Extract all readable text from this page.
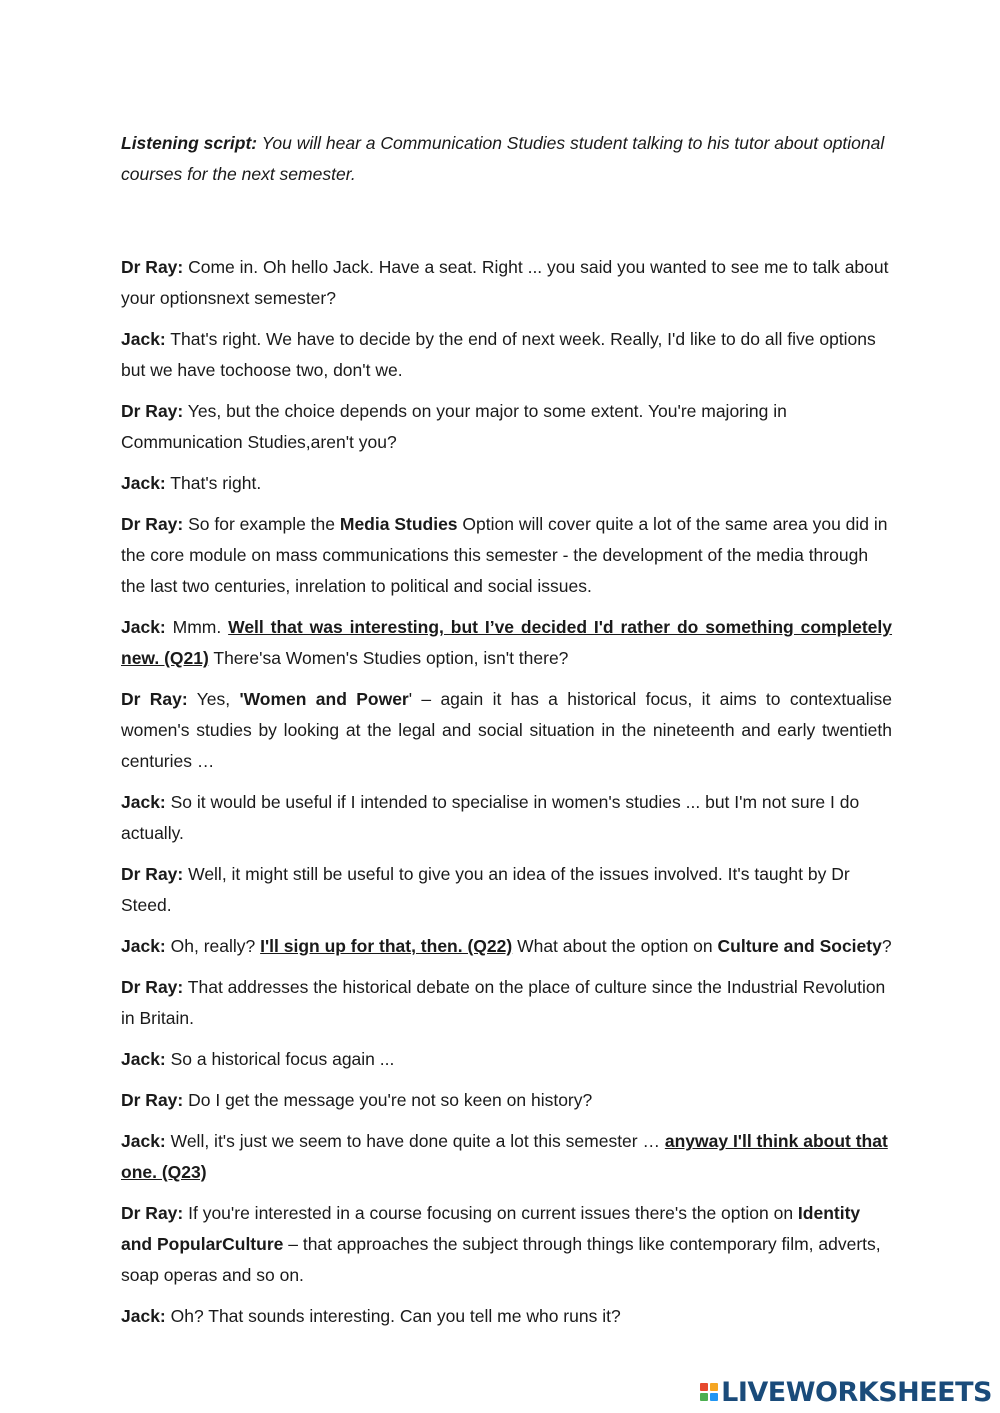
Listening script: You will hear a Communication Studies student talking to his tutor about optional courses for the next semester.

Dr Ray: Come in. Oh hello Jack. Have a seat. Right ... you said you wanted to see me to talk about your optionsnext semester?

Jack: That's right. We have to decide by the end of next week. Really, I'd like to do all five options but we have tochoose two, don't we.

Dr Ray: Yes, but the choice depends on your major to some extent. You're majoring in Communication Studies,aren't you?

Jack: That's right.

Dr Ray: So for example the Media Studies Option will cover quite a lot of the same area you did in the core module on mass communications this semester - the development of the media through the last two centuries, inrelation to political and social issues.

Jack: Mmm. Well that was interesting, but I’ve decided I'd rather do something completely new. (Q21) There'sa Women's Studies option, isn't there?

Dr Ray: Yes, 'Women and Power' – again it has a historical focus, it aims to contextualise women's studies by looking at the legal and social situation in the nineteenth and early twentieth centuries …

Jack: So it would be useful if I intended to specialise in women's studies ... but I'm not sure I do actually.

Dr Ray: Well, it might still be useful to give you an idea of the issues involved. It's taught by Dr Steed.

Jack: Oh, really? I'll sign up for that, then. (Q22) What about the option on Culture and Society?

Dr Ray: That addresses the historical debate on the place of culture since the Industrial Revolution in Britain.

Jack: So a historical focus again ...

Dr Ray: Do I get the message you're not so keen on history?

Jack: Well, it's just we seem to have done quite a lot this semester … anyway I'll think about that one. (Q23)

Dr Ray: If you're interested in a course focusing on current issues there's the option on Identity and PopularCulture – that approaches the subject through things like contemporary film, adverts, soap operas and so on.

Jack: Oh? That sounds interesting. Can you tell me who runs it?

LIVEWORKSHEETS
